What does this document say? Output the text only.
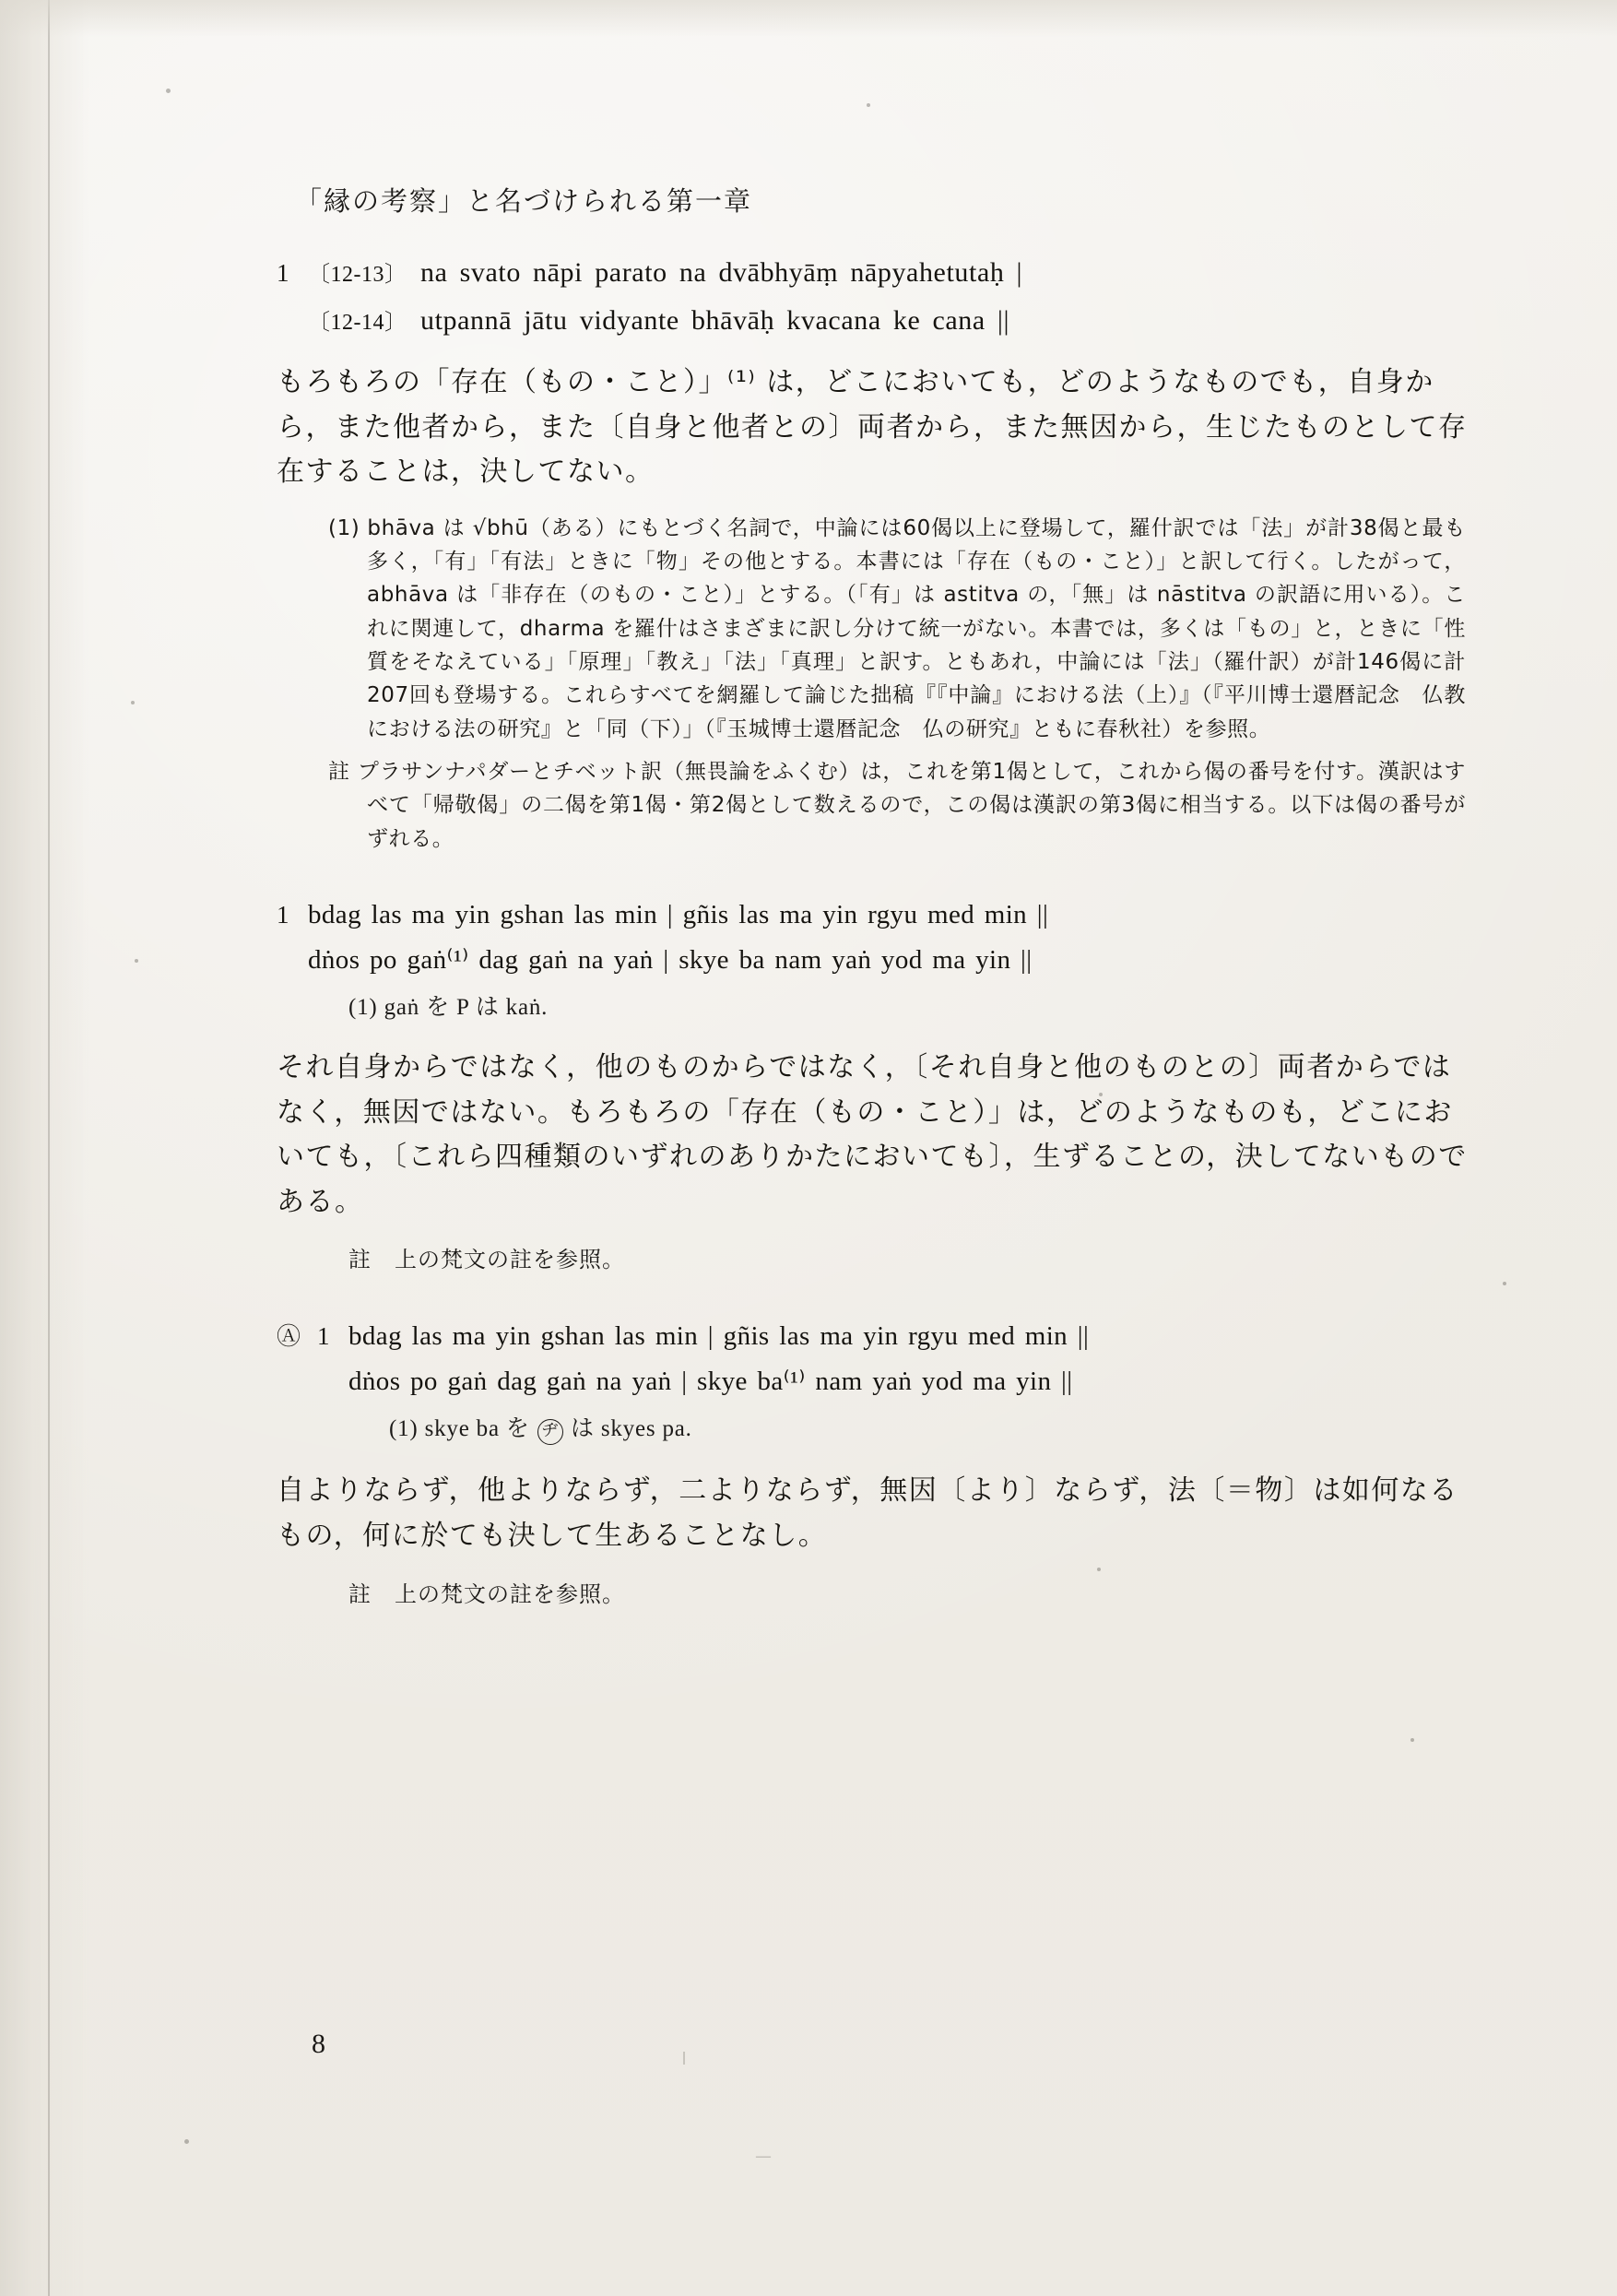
ǀ
—
「縁の考察」と名づけられる第一章
1 〔12-13〕 na svato nāpi parato na dvābhyāṃ nāpyahetutaḥ |
〔12-14〕 utpannā jātu vidyante bhāvāḥ kvacana ke cana ||
もろもろの「存在（もの・こと）」⁽¹⁾ は，どこにおいても，どのようなものでも，自身から，また他者から，また〔自身と他者との〕両者から，また無因から，生じたものとして存在することは，決してない。
(1) bhāva は √bhū（ある）にもとづく名詞で，中論には60偈以上に登場して，羅什訳では「法」が計38偈と最も多く，「有」「有法」ときに「物」その他とする。本書には「存在（もの・こと）」と訳して行く。したがって，abhāva は「非存在（のもの・こと）」とする。（「有」は astitva の，「無」は nāstitva の訳語に用いる）。これに関連して，dharma を羅什はさまざまに訳し分けて統一がない。本書では，多くは「もの」と，ときに「性質をそなえている」「原理」「教え」「法」「真理」と訳す。ともあれ，中論には「法」（羅什訳）が計146偈に計207回も登場する。これらすべてを網羅して論じた拙稿『『中論』における法（上）』（『平川博士還暦記念　仏教における法の研究』と「同（下）」（『玉城博士還暦記念　仏の研究』ともに春秋社）を参照。
註 プラサンナパダーとチベット訳（無畏論をふくむ）は，これを第1偈として，これから偈の番号を付す。漢訳はすべて「帰敬偈」の二偈を第1偈・第2偈として数えるので，この偈は漢訳の第3偈に相当する。以下は偈の番号がずれる。
1 bdag las ma yin gshan las min | gñis las ma yin rgyu med min ||
dṅos po gaṅ⁽¹⁾ dag gaṅ na yaṅ | skye ba nam yaṅ yod ma yin ||
(1) gaṅ を P は kaṅ.
それ自身からではなく，他のものからではなく，〔それ自身と他のものとの〕両者からではなく，無因ではない。もろもろの「存在（もの・こと）」は，どのようなものも，どこにおいても，〔これら四種類のいずれのありかたにおいても〕，生ずることの，決してないものである。
註　上の梵文の註を参照。
Ⓐ 1 bdag las ma yin gshan las min | gñis las ma yin rgyu med min ||
dṅos po gaṅ dag gaṅ na yaṅ | skye ba⁽¹⁾ nam yaṅ yod ma yin ||
(1) skye ba を ヂ は skyes pa.
自よりならず，他よりならず，二よりならず，無因〔より〕ならず，法〔＝物〕は如何なるもの，何に於ても決して生あることなし。
註　上の梵文の註を参照。
8
